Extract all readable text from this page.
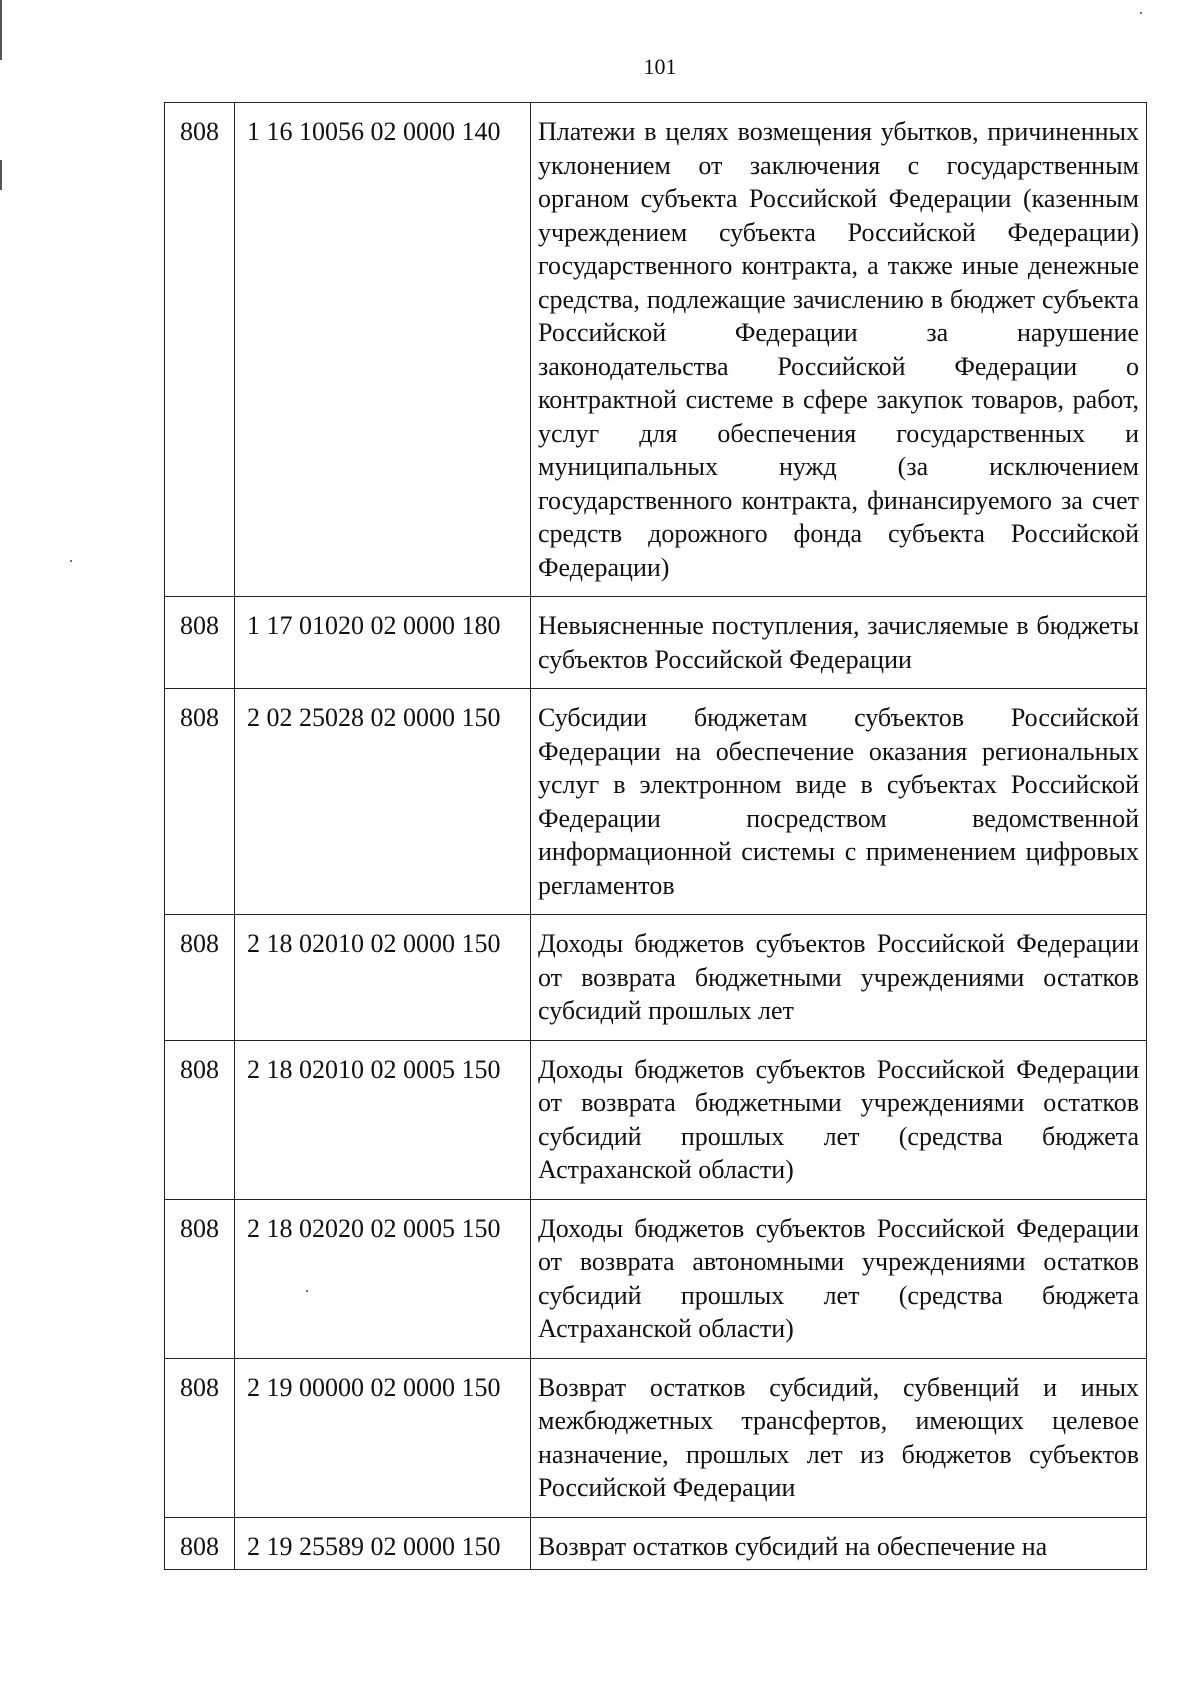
101
808	1 16 10056 02 0000 140	Платежи в целях возмещения убытков, причиненных уклонением от заключения с государственным органом субъекта Российской Федерации (казенным учреждением субъекта Российской Федерации) государственного контракта, а также иные денежные средства, подлежащие зачислению в бюджет субъекта Российской Федерации за нарушение законодательства Российской Федерации о контрактной системе в сфере закупок товаров, работ, услуг для обеспечения государственных и муниципальных нужд (за исключением государственного контракта, финансируемого за счет средств дорожного фонда субъекта Российской Федерации)
808	1 17 01020 02 0000 180	Невыясненные поступления, зачисляемые в бюджеты субъектов Российской Федерации
808	2 02 25028 02 0000 150	Субсидии бюджетам субъектов Российской Федерации на обеспечение оказания региональных услуг в электронном виде в субъектах Российской Федерации посредством ведомственной информационной системы с применением цифровых регламентов
808	2 18 02010 02 0000 150	Доходы бюджетов субъектов Российской Федерации от возврата бюджетными учреждениями остатков субсидий прошлых лет
808	2 18 02010 02 0005 150	Доходы бюджетов субъектов Российской Федерации от возврата бюджетными учреждениями остатков субсидий прошлых лет (средства бюджета Астраханской области)
808	2 18 02020 02 0005 150	Доходы бюджетов субъектов Российской Федерации от возврата автономными учреждениями остатков субсидий прошлых лет (средства бюджета Астраханской области)
808	2 19 00000 02 0000 150	Возврат остатков субсидий, субвенций и иных межбюджетных трансфертов, имеющих целевое назначение, прошлых лет из бюджетов субъектов Российской Федерации
808	2 19 25589 02 0000 150	Возврат остатков субсидий на обеспечение на
